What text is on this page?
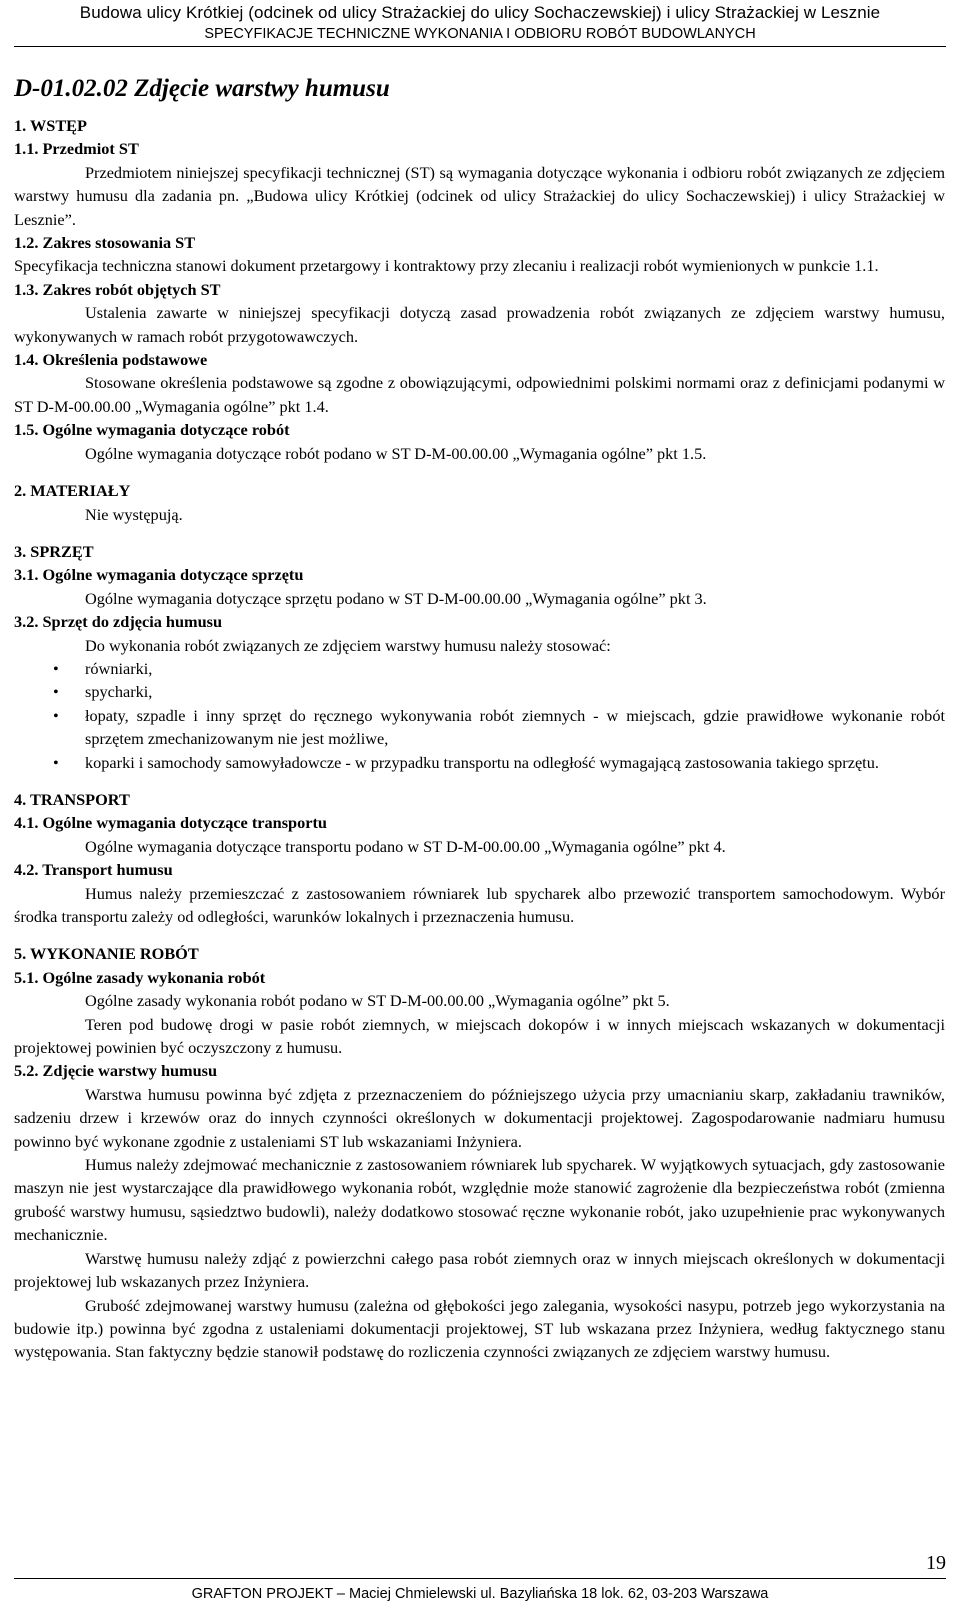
Budowa ulicy Krótkiej (odcinek od ulicy Strażackiej do ulicy Sochaczewskiej) i ulicy Strażackiej w Lesznie
SPECYFIKACJE TECHNICZNE WYKONANIA I ODBIORU ROBÓT BUDOWLANYCH
D-01.02.02 Zdjęcie warstwy humusu
1. WSTĘP
1.1. Przedmiot ST

Przedmiotem niniejszej specyfikacji technicznej (ST) są wymagania dotyczące wykonania i odbioru robót związanych ze zdjęciem warstwy humusu dla zadania pn. „Budowa ulicy Krótkiej (odcinek od ulicy Strażackiej do ulicy Sochaczewskiej) i ulicy Strażackiej w Lesznie”.

1.2. Zakres stosowania ST

Specyfikacja techniczna stanowi dokument przetargowy i kontraktowy przy zlecaniu i realizacji robót wymienionych w punkcie 1.1.

1.3. Zakres robót objętych ST

Ustalenia zawarte w niniejszej specyfikacji dotyczą zasad prowadzenia robót związanych ze zdjęciem warstwy humusu, wykonywanych w ramach robót przygotowawczych.

1.4. Określenia podstawowe

Stosowane określenia podstawowe są zgodne z obowiązującymi, odpowiednimi polskimi normami oraz z definicjami podanymi w ST D-M-00.00.00 „Wymagania ogólne” pkt 1.4.

1.5. Ogólne wymagania dotyczące robót

Ogólne wymagania dotyczące robót podano w ST D-M-00.00.00 „Wymagania ogólne” pkt 1.5.

2. MATERIAŁY

Nie występują.

3. SPRZĘT
3.1. Ogólne wymagania dotyczące sprzętu

Ogólne wymagania dotyczące sprzętu podano w ST D-M-00.00.00 „Wymagania ogólne” pkt 3.

3.2. Sprzęt do zdjęcia humusu

Do wykonania robót związanych ze zdjęciem warstwy humusu należy stosować:

• równiarki,
• spycharki,
• łopaty, szpadle i inny sprzęt do ręcznego wykonywania robót ziemnych - w miejscach, gdzie prawidłowe wykonanie robót sprzętem zmechanizowanym nie jest możliwe,
• koparki i samochody samowyładowcze - w przypadku transportu na odległość wymagającą zastosowania takiego sprzętu.
4. TRANSPORT
4.1. Ogólne wymagania dotyczące transportu

Ogólne wymagania dotyczące transportu podano w ST D-M-00.00.00 „Wymagania ogólne” pkt 4.

4.2. Transport humusu

Humus należy przemieszczać z zastosowaniem równiarek lub spycharek albo przewozić transportem samochodowym. Wybór środka transportu zależy od odległości, warunków lokalnych i przeznaczenia humusu.

5. WYKONANIE ROBÓT
5.1. Ogólne zasady wykonania robót

Ogólne zasady wykonania robót podano w ST D-M-00.00.00 „Wymagania ogólne” pkt 5.

Teren pod budowę drogi w pasie robót ziemnych, w miejscach dokopów i w innych miejscach wskazanych w dokumentacji projektowej powinien być oczyszczony z humusu.

5.2. Zdjęcie warstwy humusu

Warstwa humusu powinna być zdjęta z przeznaczeniem do późniejszego użycia przy umacnianiu skarp, zakładaniu trawników, sadzeniu drzew i krzewów oraz do innych czynności określonych w dokumentacji projektowej. Zagospodarowanie nadmiaru humusu powinno być wykonane zgodnie z ustaleniami ST lub wskazaniami Inżyniera.

Humus należy zdejmować mechanicznie z zastosowaniem równiarek lub spycharek. W wyjątkowych sytuacjach, gdy zastosowanie maszyn nie jest wystarczające dla prawidłowego wykonania robót, względnie może stanowić zagrożenie dla bezpieczeństwa robót (zmienna grubość warstwy humusu, sąsiedztwo budowli), należy dodatkowo stosować ręczne wykonanie robót, jako uzupełnienie prac wykonywanych mechanicznie.

Warstwę humusu należy zdjąć z powierzchni całego pasa robót ziemnych oraz w innych miejscach określonych w dokumentacji projektowej lub wskazanych przez Inżyniera.

Grubość zdejmowanej warstwy humusu (zależna od głębokości jego zalegania, wysokości nasypu, potrzeb jego wykorzystania na budowie itp.) powinna być zgodna z ustaleniami dokumentacji projektowej, ST lub wskazana przez Inżyniera, według faktycznego stanu występowania. Stan faktyczny będzie stanowił podstawę do rozliczenia czynności związanych ze zdjęciem warstwy humusu.

19
GRAFTON PROJEKT – Maciej Chmielewski ul. Bazyliańska 18 lok. 62, 03-203 Warszawa
